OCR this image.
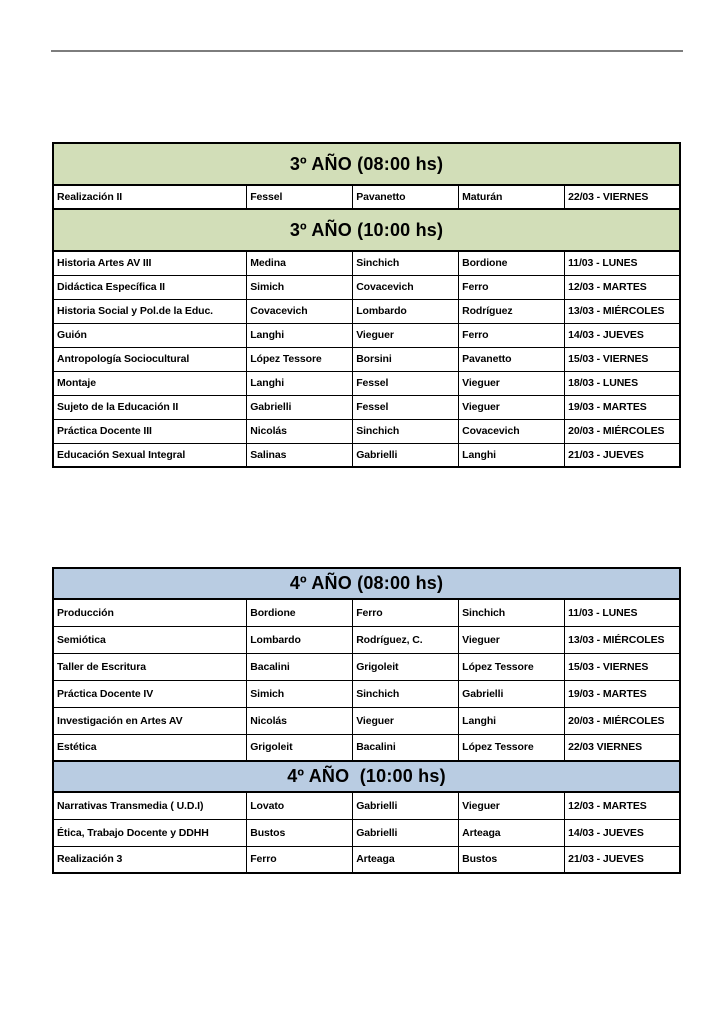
3º AÑO (08:00 hs)				
Realización II	Fessel	Pavanetto	Maturán	22/03 - VIERNES
3º AÑO (10:00 hs)				
Historia Artes AV III	Medina	Sinchich	Bordione	11/03 - LUNES
Didáctica Específica II	Simich	Covacevich	Ferro	12/03 - MARTES
Historia Social y Pol.de la Educ.	Covacevich	Lombardo	Rodríguez	13/03 - MIÉRCOLES
Guión	Langhi	Vieguer	Ferro	14/03 - JUEVES
Antropología Sociocultural	López Tessore	Borsini	Pavanetto	15/03 - VIERNES
Montaje	Langhi	Fessel	Vieguer	18/03 - LUNES
Sujeto de la Educación II	Gabrielli	Fessel	Vieguer	19/03 - MARTES
Práctica Docente III	Nicolás	Sinchich	Covacevich	20/03 - MIÉRCOLES
Educación Sexual Integral	Salinas	Gabrielli	Langhi	21/03 - JUEVES
4º AÑO (08:00 hs)				
Producción	Bordione	Ferro	Sinchich	11/03 - LUNES
Semiótica	Lombardo	Rodríguez, C.	Vieguer	13/03 - MIÉRCOLES
Taller de Escritura	Bacalini	Grigoleit	López Tessore	15/03 - VIERNES
Práctica Docente IV	Simich	Sinchich	Gabrielli	19/03 - MARTES
Investigación en Artes AV	Nicolás	Vieguer	Langhi	20/03 - MIÉRCOLES
Estética	Grigoleit	Bacalini	López Tessore	22/03 VIERNES
4º AÑO  (10:00 hs)				
Narrativas Transmedia ( U.D.I)	Lovato	Gabrielli	Vieguer	12/03 - MARTES
Ética, Trabajo Docente y DDHH	Bustos	Gabrielli	Arteaga	14/03 - JUEVES
Realización 3	Ferro	Arteaga	Bustos	21/03 - JUEVES
